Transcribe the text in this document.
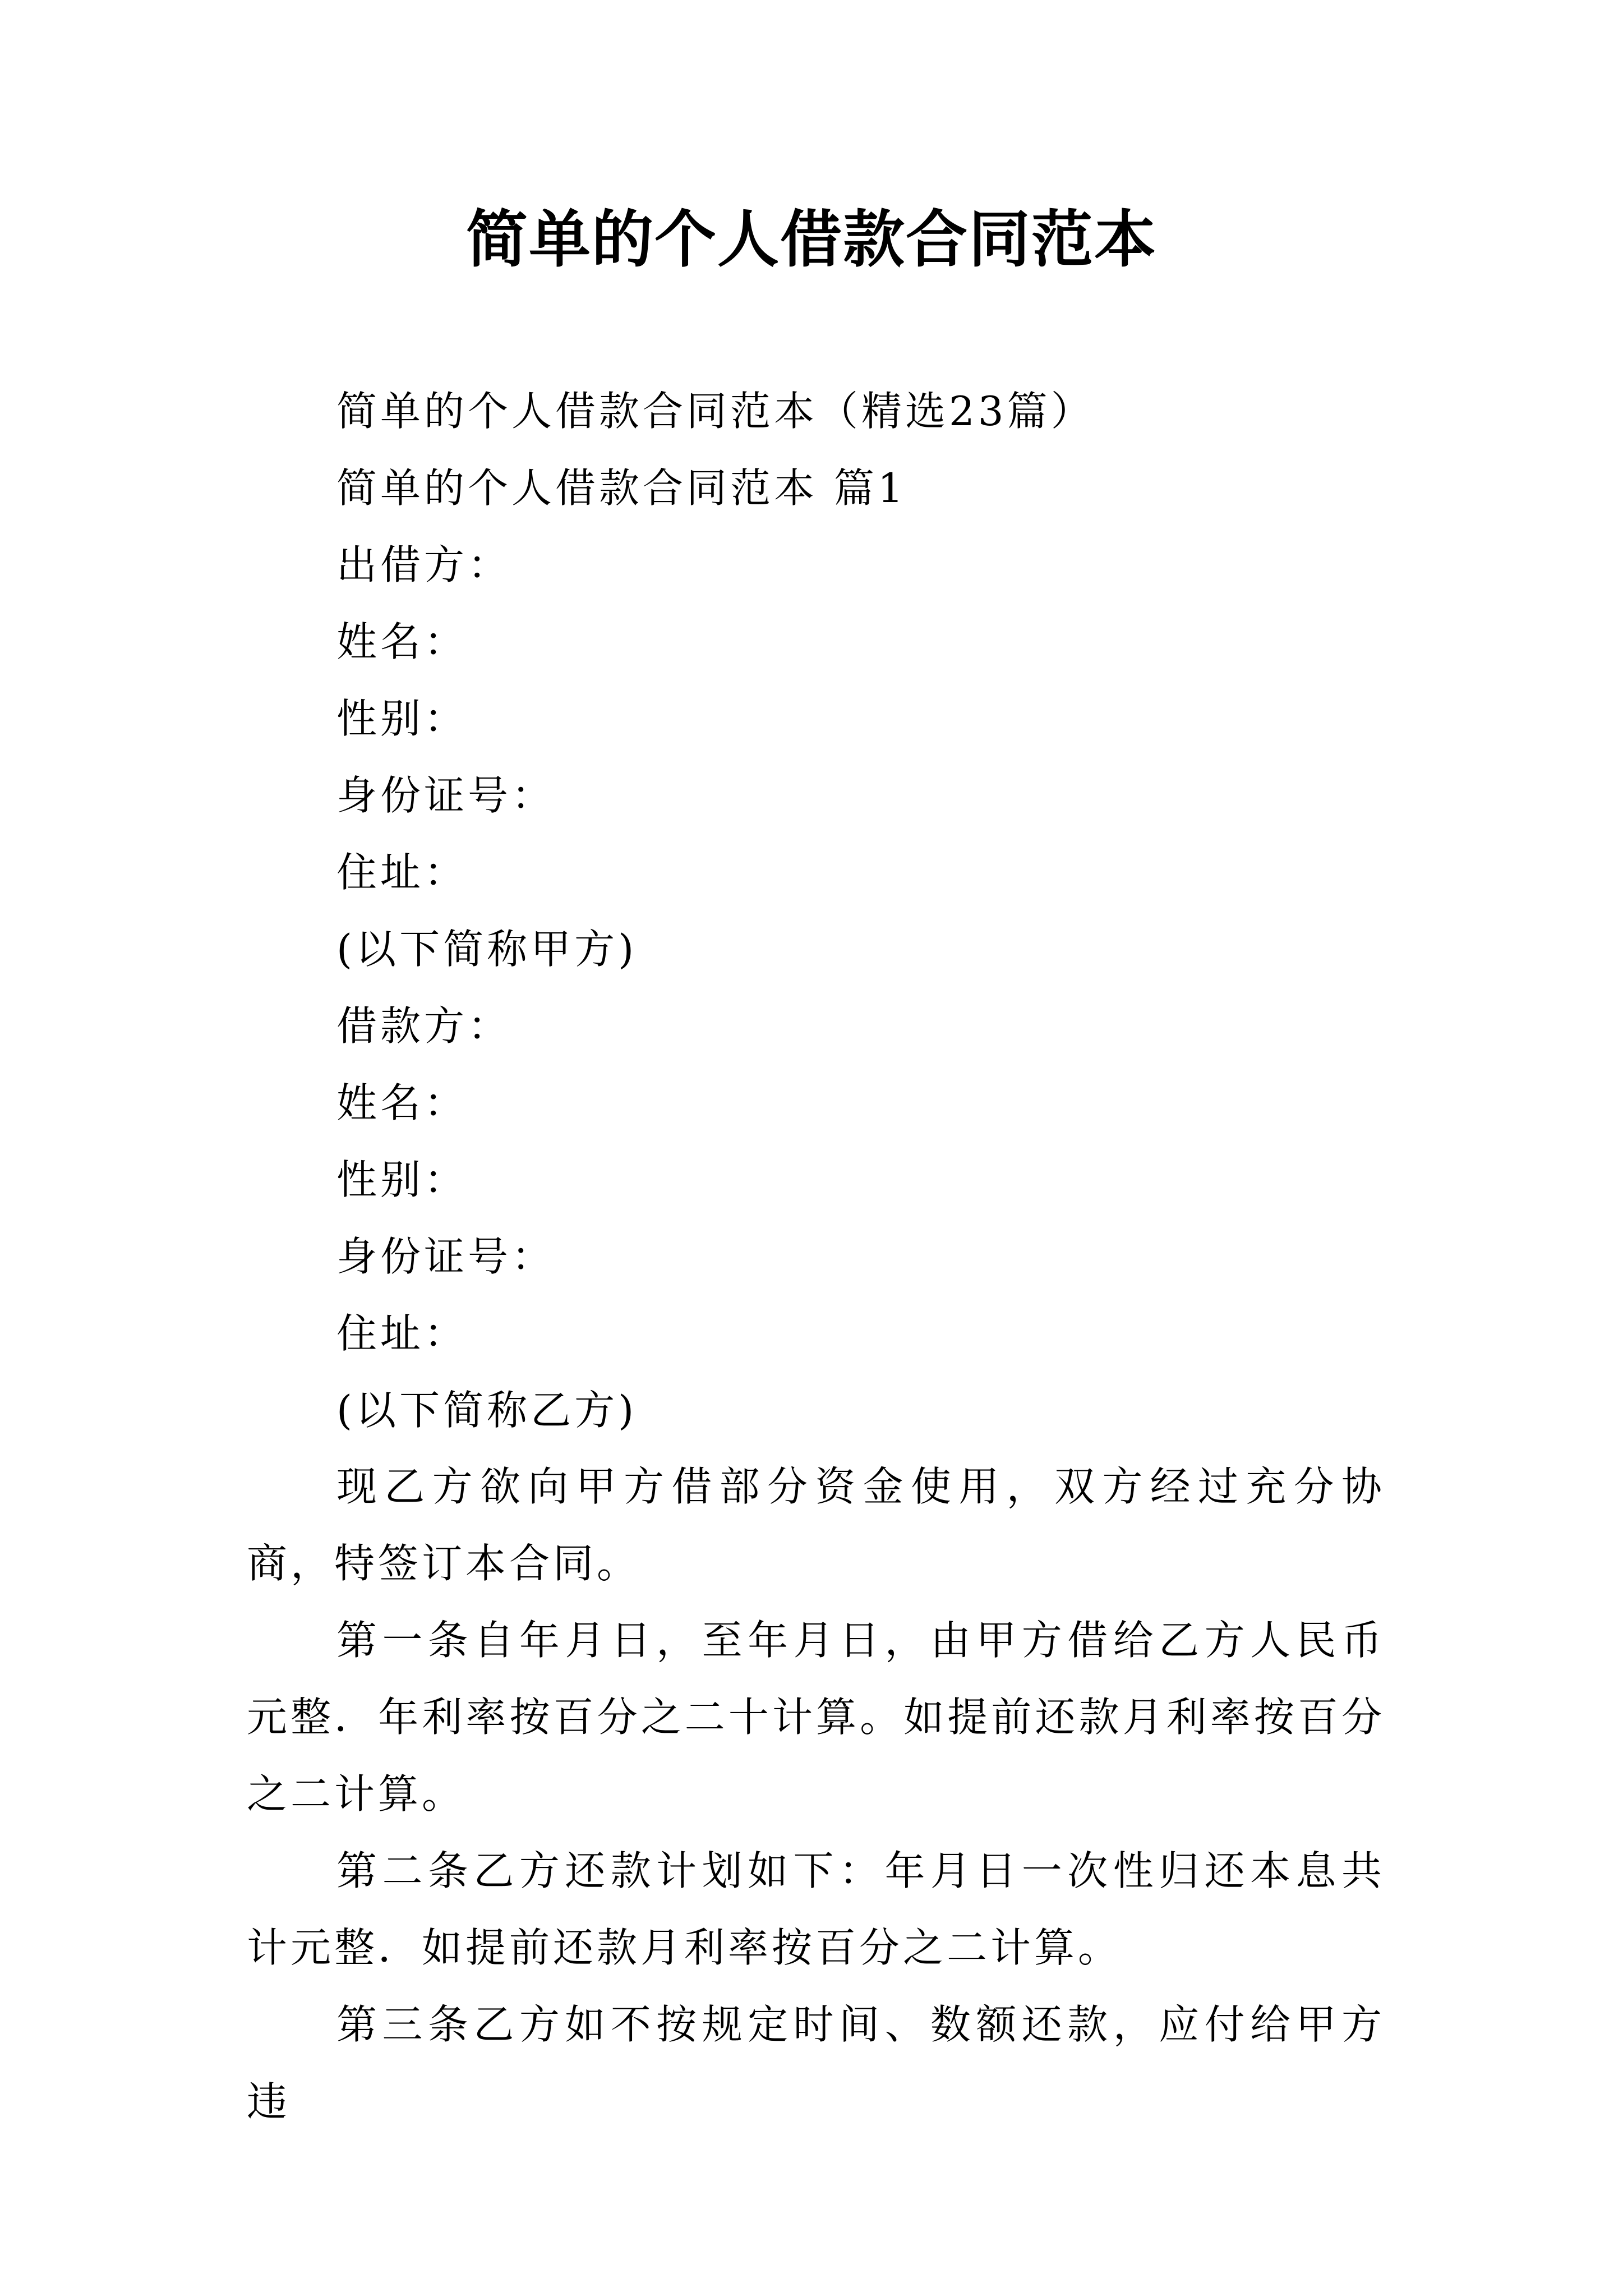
简单的个人借款合同范本

简单的个人借款合同范本（精选23篇）

简单的个人借款合同范本 篇1

出借方：

姓名：

性别：

身份证号：

住址：

(以下简称甲方)

借款方：

姓名：

性别：

身份证号：

住址：

(以下简称乙方)

现乙方欲向甲方借部分资金使用，双方经过充分协商，特签订本合同。

第一条自年月日，至年月日，由甲方借给乙方人民币元整．年利率按百分之二十计算。如提前还款月利率按百分之二计算。

第二条乙方还款计划如下：年月日一次性归还本息共计元整．如提前还款月利率按百分之二计算。

第三条乙方如不按规定时间、数额还款，应付给甲方违
